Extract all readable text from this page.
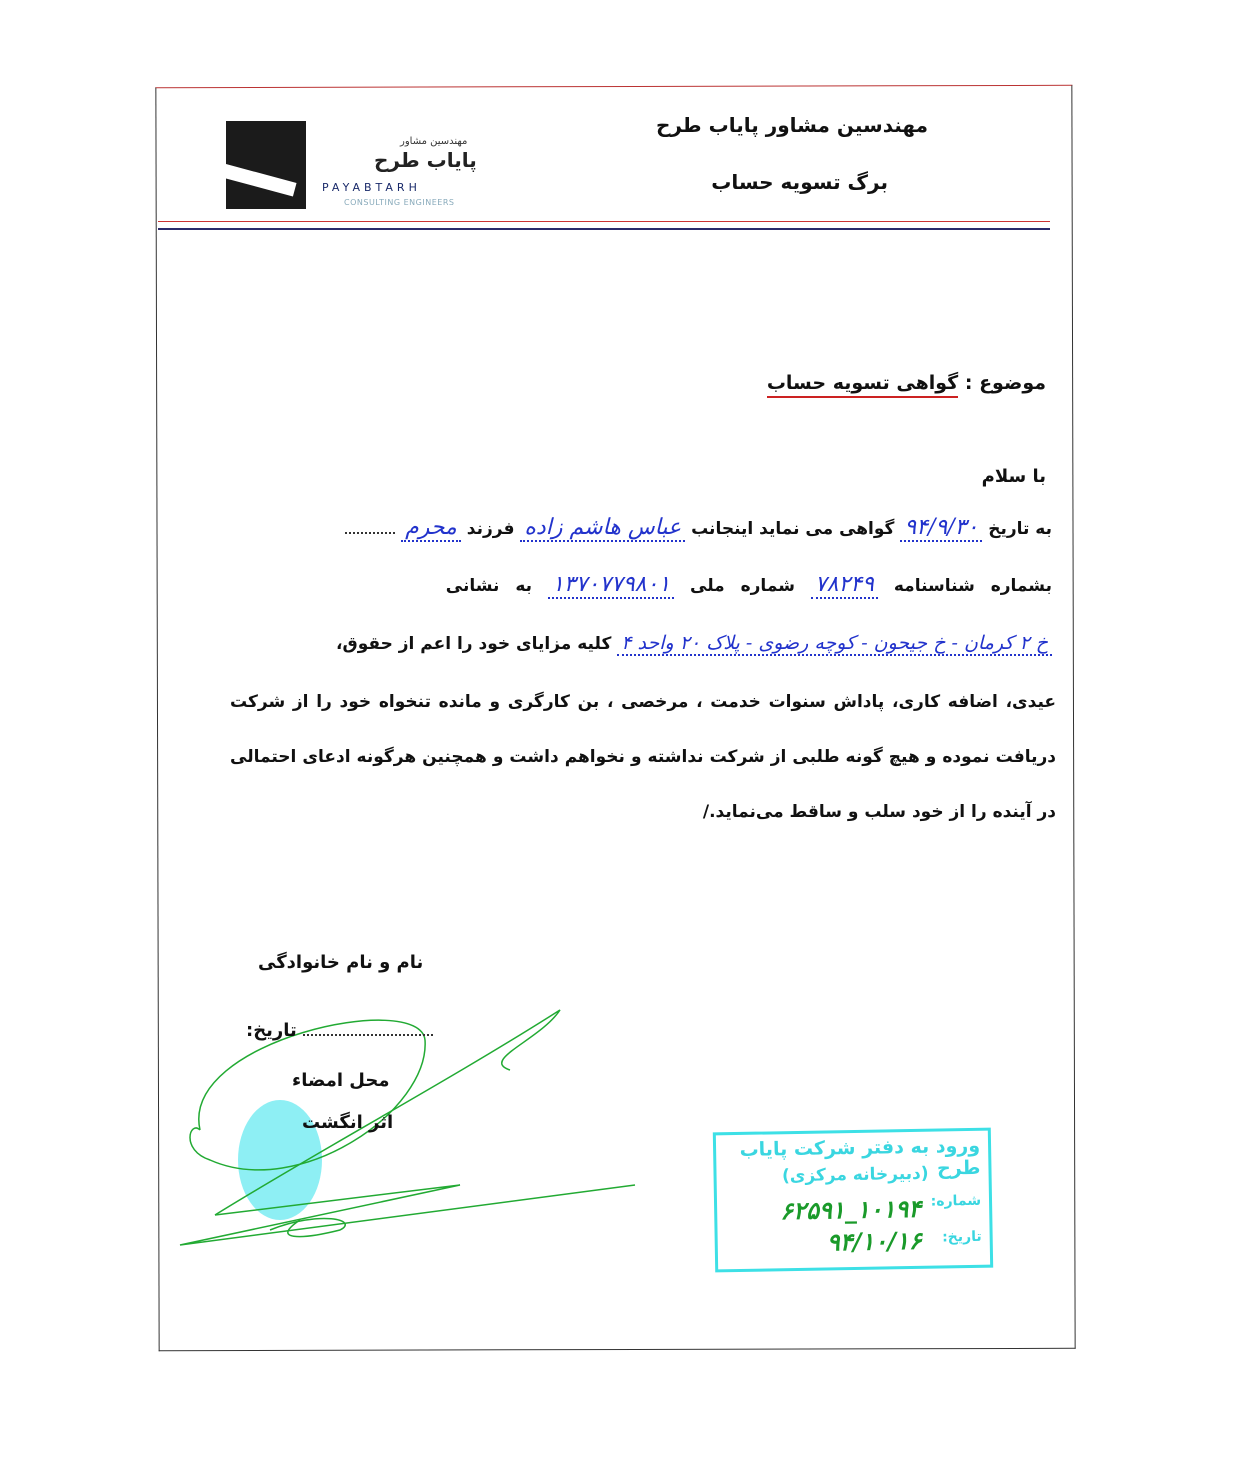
مهندسین مشاور
پایاب طرح
PAYABTARH
CONSULTING ENGINEERS
مهندسین مشاور پایاب طرح
برگ تسویه حساب
موضوع : گواهی تسویه حساب
با سلام
به تاریخ ۹۴/۹/۳۰ گواهی می نماید اینجانب عباس هاشم زاده فرزند محرم
بشماره شناسنامه ۷۸۲۴۹ شماره ملی ۱۳۷۰۷۷۹۸۰۱ به نشانی
خ ۲ کرمان - خ جیحون - کوچه رضوی - پلاک ۲۰ واحد ۴ کلیه مزایای خود را اعم از حقوق،
عیدی، اضافه کاری، پاداش سنوات خدمت ، مرخصی ، بن کارگری و مانده تنخواه خود را از شرکت دریافت نموده و هیچ گونه طلبی از شرکت نداشته و نخواهم داشت و همچنین هرگونه ادعای احتمالی در آینده را از خود سلب و ساقط می‌نماید./
نام و نام خانوادگی
تاریخ:
محل امضاء
اثر انگشت
ورود به دفتر شرکت پایاب طرح
(دبیرخانه مرکزی)
شماره:
۱۰۱۹۴_۶۲۵۹۱
تاریخ:
۹۴/۱۰/۱۶
